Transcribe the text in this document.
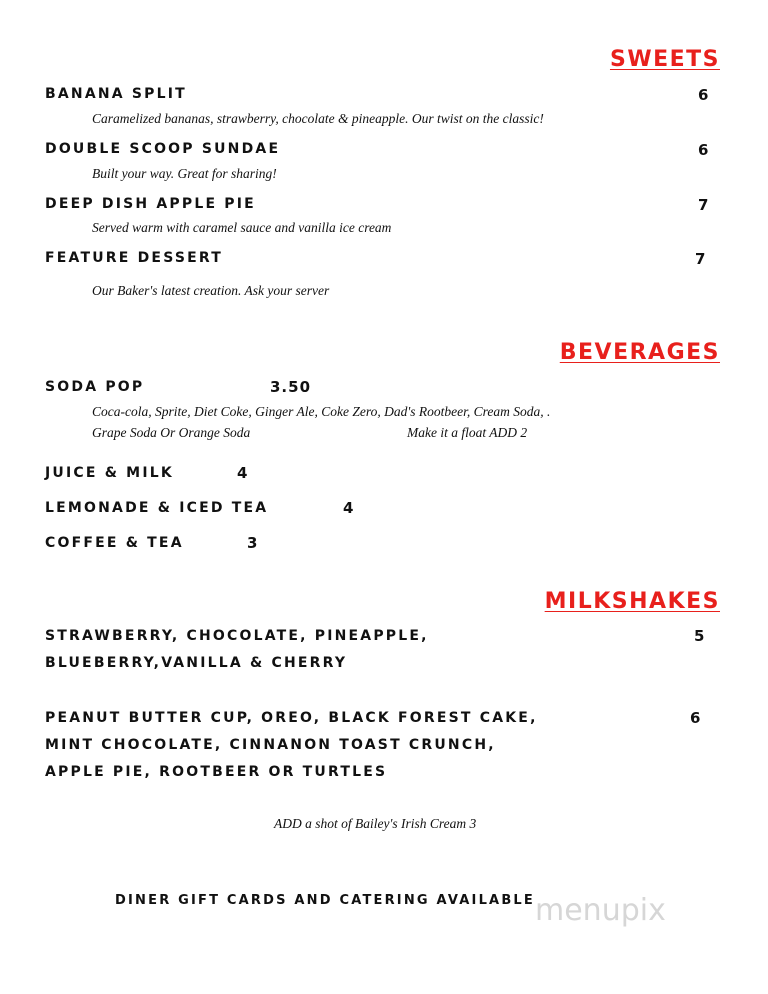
SWEETS
BANANA SPLIT	6
Caramelized bananas, strawberry, chocolate & pineapple. Our twist on the classic!
DOUBLE SCOOP SUNDAE	6
Built your way. Great for sharing!
DEEP DISH APPLE PIE	7
Served warm with caramel sauce and vanilla ice cream
FEATURE DESSERT	7
Our Baker's latest creation. Ask your server
BEVERAGES
SODA POP	3.50
Coca-cola, Sprite, Diet Coke, Ginger Ale, Coke Zero, Dad's Rootbeer, Cream Soda, .
Grape Soda Or Orange Soda	Make it a float ADD 2
JUICE & MILK	4
LEMONADE & ICED TEA	4
COFFEE & TEA	3
MILKSHAKES
STRAWBERRY, CHOCOLATE, PINEAPPLE,	5
BLUEBERRY,VANILLA & CHERRY
PEANUT BUTTER CUP, OREO, BLACK FOREST CAKE,	6
MINT CHOCOLATE, CINNANON TOAST CRUNCH,
APPLE PIE, ROOTBEER OR TURTLES
ADD a shot of Bailey's Irish Cream 3
DINER GIFT CARDS AND CATERING AVAILABLE menupix
